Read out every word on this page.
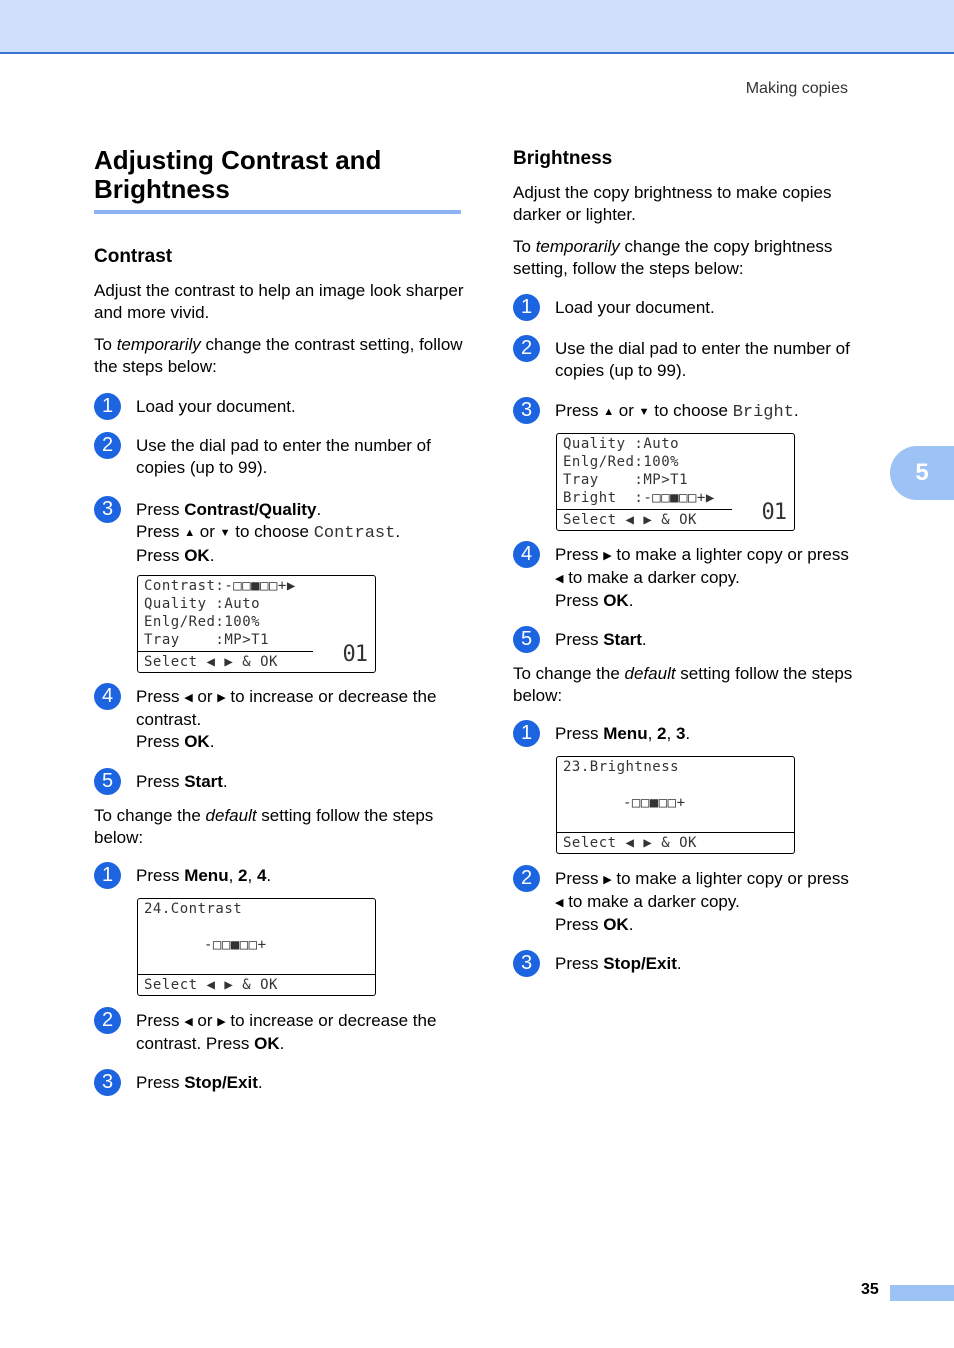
Making copies
5
Adjusting Contrast and Brightness
Contrast
Adjust the contrast to help an image look sharper and more vivid.
To temporarily change the contrast setting, follow the steps below:
1	Load your document.
2	Use the dial pad to enter the number of copies (up to 99).
3	Press Contrast/Quality.
Press ▲ or ▼ to choose Contrast.
Press OK.
Contrast:-□□■□□+▶
Quality :Auto
Enlg/Red:100%
Tray    :MP>T1
Select ◀ ▶ & OK	01
4	Press ◀ or ▶ to increase or decrease the contrast.
Press OK.
5	Press Start.
To change the default setting follow the steps below:
1	Press Menu, 2, 4.
24.Contrast
-□□■□□+
Select ◀ ▶ & OK
2	Press ◀ or ▶ to increase or decrease the contrast. Press OK.
3	Press Stop/Exit.
Brightness
Adjust the copy brightness to make copies darker or lighter.
To temporarily change the copy brightness setting, follow the steps below:
1	Load your document.
2	Use the dial pad to enter the number of copies (up to 99).
3	Press ▲ or ▼ to choose Bright.
Quality :Auto
Enlg/Red:100%
Tray    :MP>T1
Bright  :-□□■□□+▶
Select ◀ ▶ & OK	01
4	Press ▶ to make a lighter copy or press
◀ to make a darker copy.
Press OK.
5	Press Start.
To change the default setting follow the steps below:
1	Press Menu, 2, 3.
23.Brightness
-□□■□□+
Select ◀ ▶ & OK
2	Press ▶ to make a lighter copy or press
◀ to make a darker copy.
Press OK.
3	Press Stop/Exit.
35
